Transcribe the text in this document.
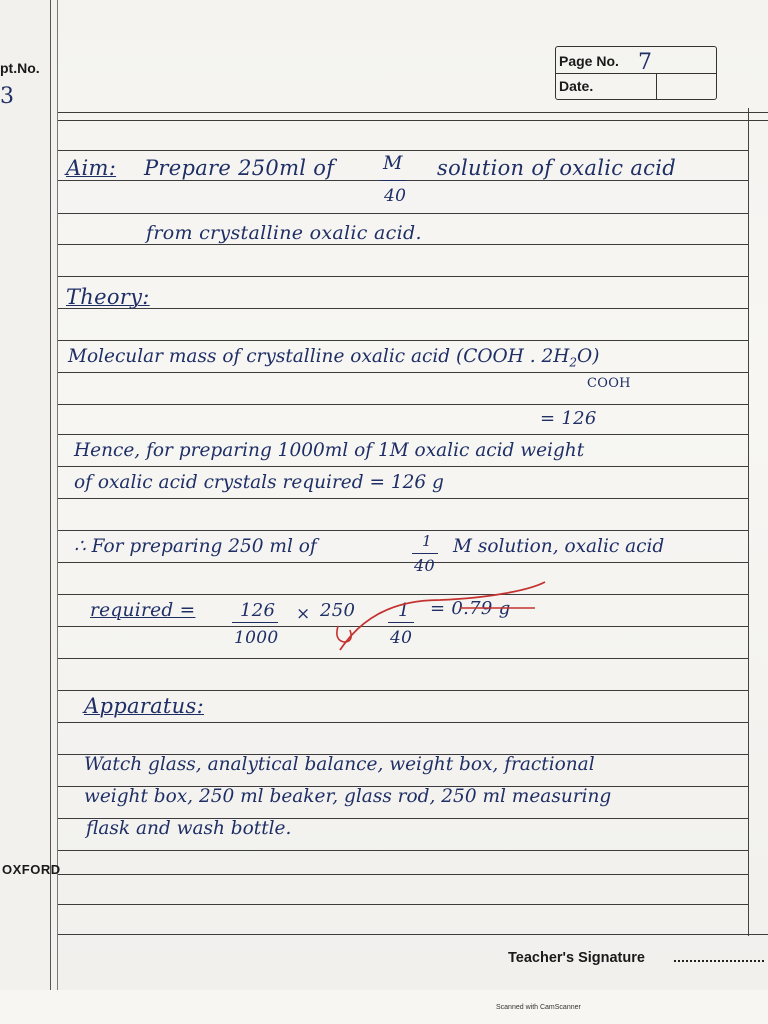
pt.No.
3
OXFORD
Page No. 7
Date.
Aim: Prepare 250ml of	M
40
solution of oxalic acid
from crystalline oxalic acid.
Theory:
Molecular mass of crystalline oxalic acid (COOH . $2H_2O$)
COOH
= 126
Hence, for preparing 1000ml of 1M oxalic acid weight
of oxalic acid crystals required = 126 g
∴ For preparing 250 ml of	1
40
M solution, oxalic acid
required = 126
1000
× 250 1
40
= 0.79 g
Apparatus:
Watch glass, analytical balance, weight box, fractional
weight box, 250 ml beaker, glass rod, 250 ml measuring
flask and wash bottle.
Teacher's Signature
Scanned with CamScanner
